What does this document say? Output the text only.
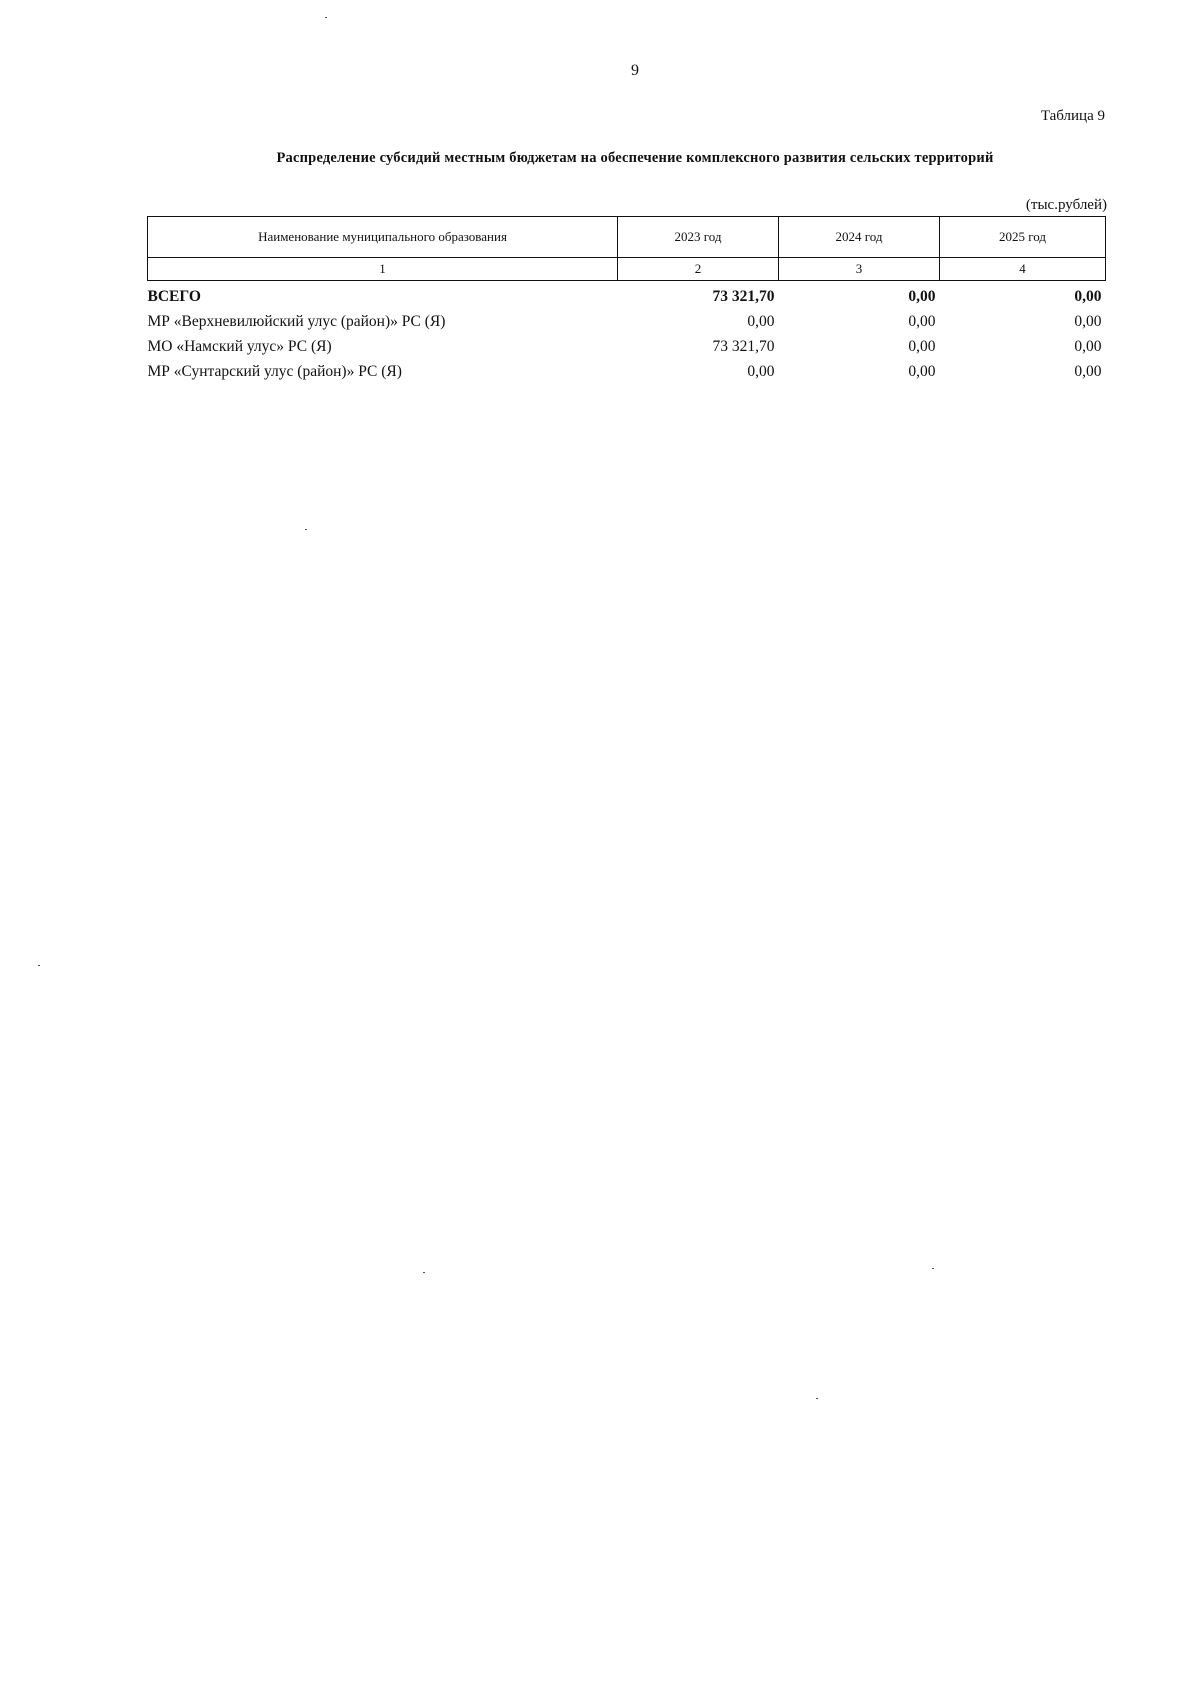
9
Таблица 9
Распределение субсидий местным бюджетам на обеспечение комплексного развития сельских территорий
(тыс.рублей)
Наименование муниципального образования	2023 год	2024 год	2025 год
1	2	3	4
ВСЕГО	73 321,70	0,00	0,00
МР «Верхневилюйский улус (район)» РС (Я)	0,00	0,00	0,00
МО «Намский улус» РС (Я)	73 321,70	0,00	0,00
МР «Сунтарский улус (район)» РС (Я)	0,00	0,00	0,00
